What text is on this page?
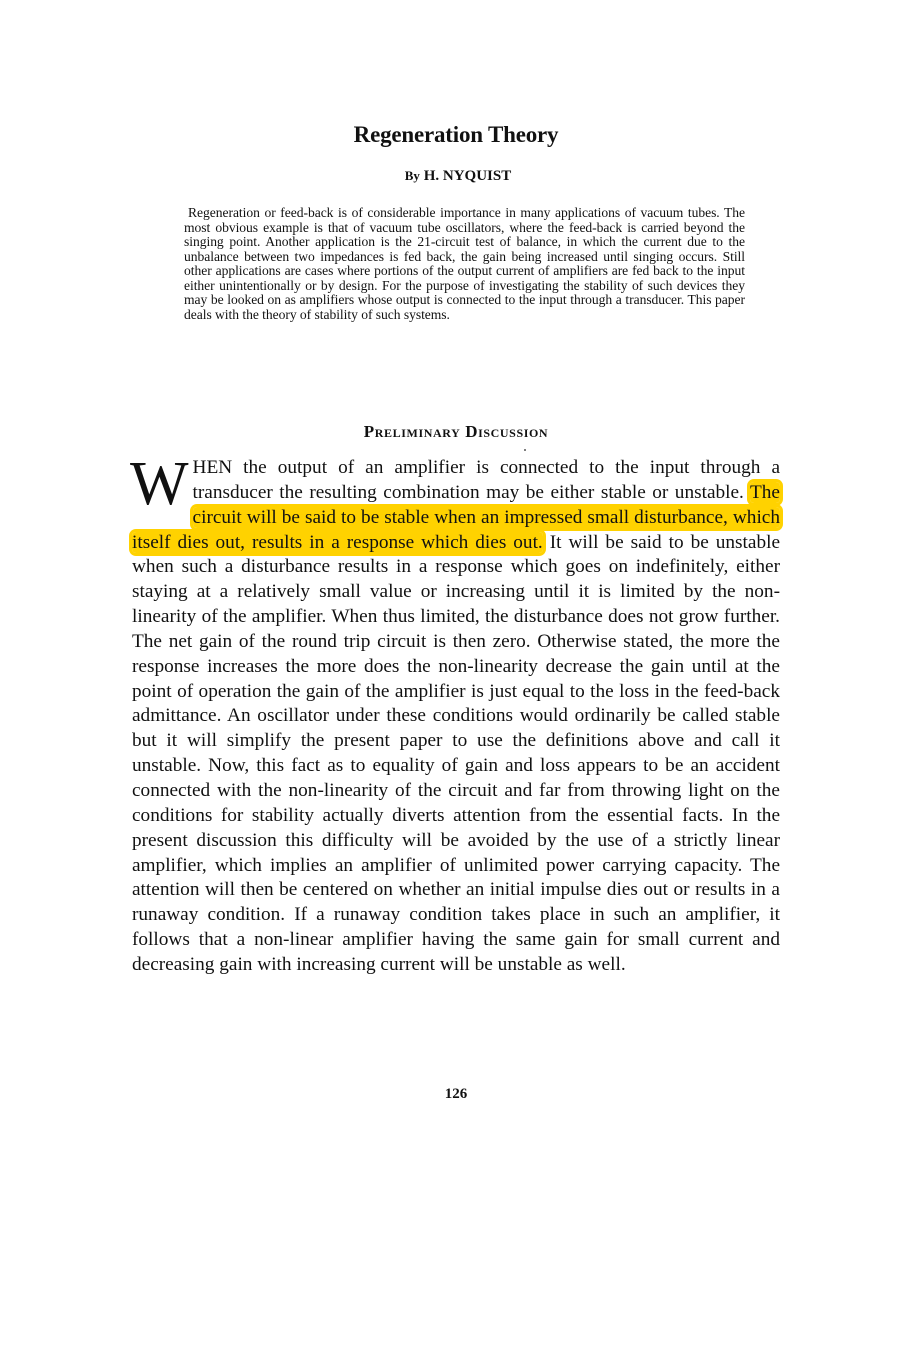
Regeneration Theory

By H. NYQUIST

Regeneration or feed-back is of considerable importance in many applications of vacuum tubes. The most obvious example is that of vacuum tube oscillators, where the feed-back is carried beyond the singing point. Another application is the 21-circuit test of balance, in which the current due to the unbalance between two impedances is fed back, the gain being increased until singing occurs. Still other applications are cases where portions of the output current of amplifiers are fed back to the input either unintentionally or by design. For the purpose of investigating the stability of such devices they may be looked on as amplifiers whose output is connected to the input through a transducer. This paper deals with the theory of stability of such systems.

Preliminary Discussion

WHEN the output of an amplifier is connected to the input through a transducer the resulting combination may be either stable or unstable. The circuit will be said to be stable when an impressed small disturbance, which itself dies out, results in a response which dies out. It will be said to be unstable when such a disturbance results in a response which goes on indefinitely, either staying at a relatively small value or increasing until it is limited by the non-linearity of the amplifier. When thus limited, the disturbance does not grow further. The net gain of the round trip circuit is then zero. Otherwise stated, the more the response increases the more does the non-linearity decrease the gain until at the point of operation the gain of the amplifier is just equal to the loss in the feed-back admittance. An oscillator under these conditions would ordinarily be called stable but it will simplify the present paper to use the definitions above and call it unstable. Now, this fact as to equality of gain and loss appears to be an accident connected with the non-linearity of the circuit and far from throwing light on the conditions for stability actually diverts attention from the essential facts. In the present discussion this difficulty will be avoided by the use of a strictly linear amplifier, which implies an amplifier of unlimited power carrying capacity. The attention will then be centered on whether an initial impulse dies out or results in a runaway condition. If a runaway condition takes place in such an amplifier, it follows that a non-linear amplifier having the same gain for small current and decreasing gain with increasing current will be unstable as well.

126
